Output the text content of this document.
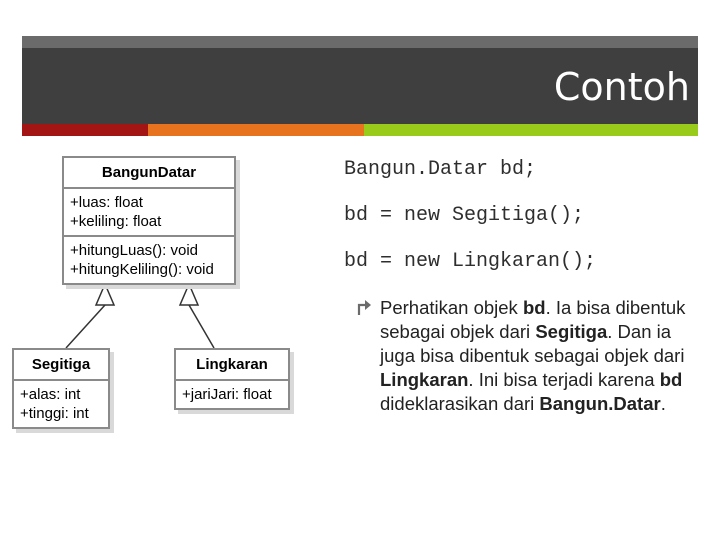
Contoh
BangunDatar
+luas: float
+keliling: float
+hitungLuas(): void
+hitungKeliling(): void
Segitiga
+alas: int
+tinggi: int
Lingkaran
+jariJari: float
Bangun.Datar bd;
bd = new Segitiga();
bd = new Lingkaran();
Perhatikan objek bd. Ia bisa dibentuk sebagai objek dari Segitiga. Dan ia juga bisa dibentuk sebagai objek dari Lingkaran. Ini bisa terjadi karena bd dideklarasikan dari Bangun.Datar.
